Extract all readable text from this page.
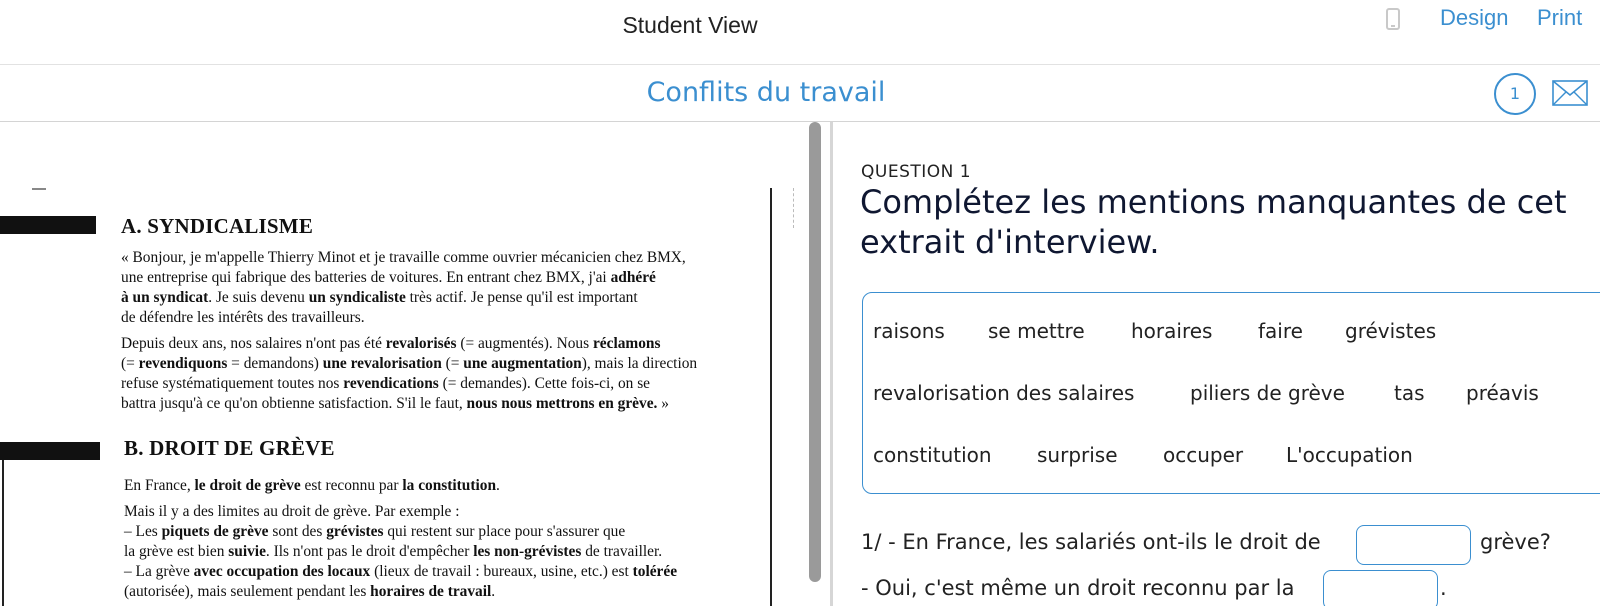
Student View	Design Print
Conflits du travail	1
A. SYNDICALISME
« Bonjour, je m'appelle Thierry Minot et je travaille comme ouvrier mécanicien chez BMX,
une entreprise qui fabrique des batteries de voitures. En entrant chez BMX, j'ai adhéré
à un syndicat. Je suis devenu un syndicaliste très actif. Je pense qu'il est important
de défendre les intérêts des travailleurs.
Depuis deux ans, nos salaires n'ont pas été revalorisés (= augmentés). Nous réclamons
(= revendiquons = demandons) une revalorisation (= une augmentation), mais la direction
refuse systématiquement toutes nos revendications (= demandes). Cette fois-ci, on se
battra jusqu'à ce qu'on obtienne satisfaction. S'il le faut, nous nous mettrons en grève. »
B. DROIT DE GRÈVE
En France, le droit de grève est reconnu par la constitution.
Mais il y a des limites au droit de grève. Par exemple :
– Les piquets de grève sont des grévistes qui restent sur place pour s'assurer que
la grève est bien suivie. Ils n'ont pas le droit d'empêcher les non-grévistes de travailler.
– La grève avec occupation des locaux (lieux de travail : bureaux, usine, etc.) est tolérée
(autorisée), mais seulement pendant les horaires de travail.
QUESTION 1
Complétez les mentions manquantes de cet extrait d'interview.
raisons se mettre horaires faire grévistes
revalorisation des salaires	piliers de grève tas préavis
constitution surprise occuper L'occupation
1/ - En France, les salariés ont-ils le droit de	grève?
- Oui, c'est même un droit reconnu par la	.
